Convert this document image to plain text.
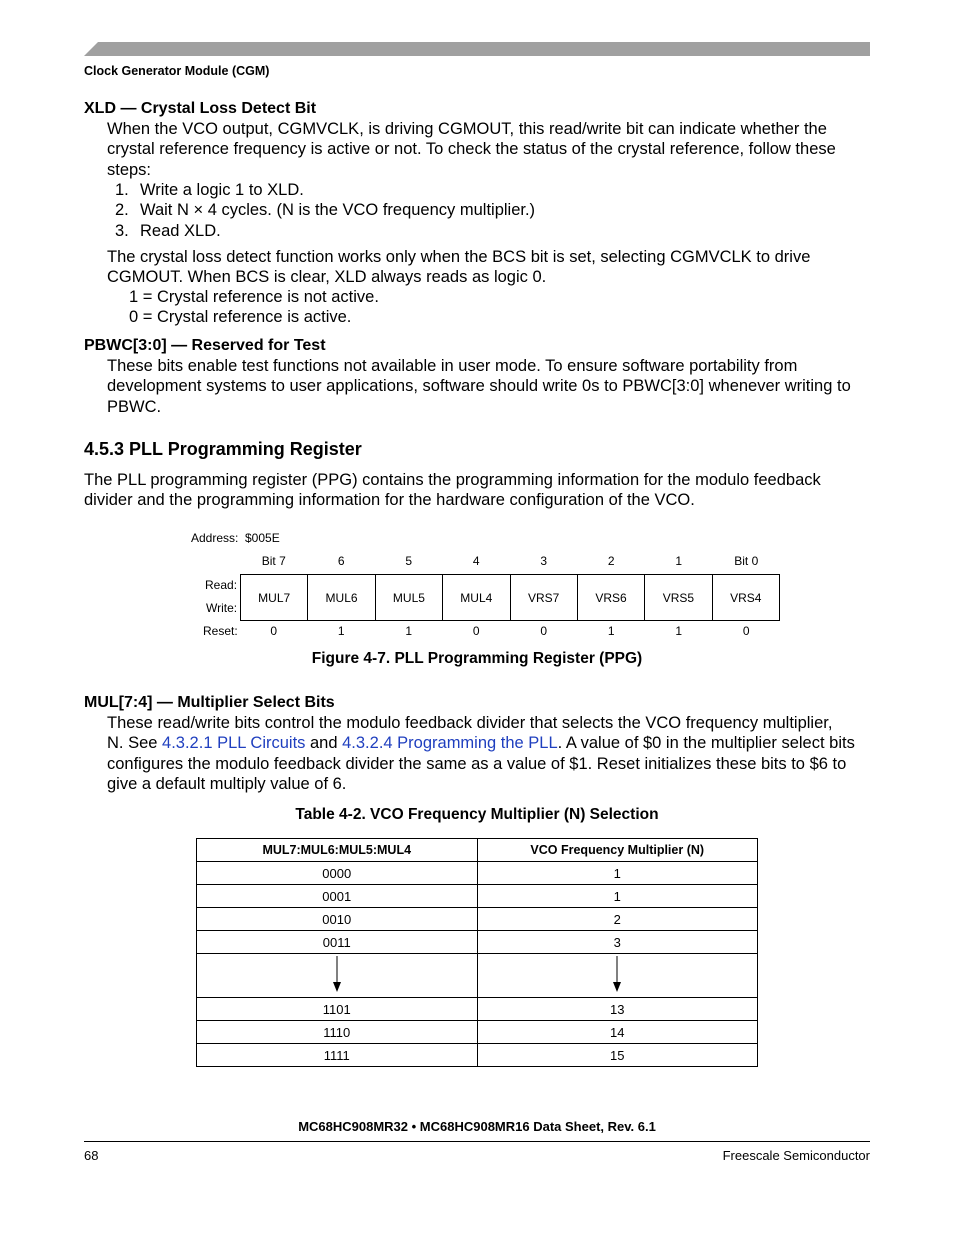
Clock Generator Module (CGM)
XLD — Crystal Loss Detect Bit
When the VCO output, CGMVCLK, is driving CGMOUT, this read/write bit can indicate whether the
crystal reference frequency is active or not. To check the status of the crystal reference, follow these
steps:
1. Write a logic 1 to XLD.
2. Wait N × 4 cycles. (N is the VCO frequency multiplier.)
3. Read XLD.
The crystal loss detect function works only when the BCS bit is set, selecting CGMVCLK to drive
CGMOUT. When BCS is clear, XLD always reads as logic 0.
1 = Crystal reference is not active.
0 = Crystal reference is active.
PBWC[3:0] — Reserved for Test
These bits enable test functions not available in user mode. To ensure software portability from
development systems to user applications, software should write 0s to PBWC[3:0] whenever writing to
PBWC.
4.5.3 PLL Programming Register
The PLL programming register (PPG) contains the programming information for the modulo feedback
divider and the programming information for the hardware configuration of the VCO.
Address: $005E
Bit 7	6	5	4	3	2	1	Bit 0
Read:
Write:
MUL7	MUL6	MUL5	MUL4	VRS7	VRS6	VRS5	VRS4
Reset:	0	1	1	0	0	1	1	0
Figure 4-7. PLL Programming Register (PPG)
MUL[7:4] — Multiplier Select Bits
These read/write bits control the modulo feedback divider that selects the VCO frequency multiplier,
N. See 4.3.2.1 PLL Circuits and 4.3.2.4 Programming the PLL. A value of $0 in the multiplier select bits
configures the modulo feedback divider the same as a value of $1. Reset initializes these bits to $6 to
give a default multiply value of 6.
Table 4-2. VCO Frequency Multiplier (N) Selection
MUL7:MUL6:MUL5:MUL4	VCO Frequency Multiplier (N)
0000	1
0001	1
0010	2
0011	3

1101	13
1110	14
1111	15
MC68HC908MR32 • MC68HC908MR16 Data Sheet, Rev. 6.1
68	Freescale Semiconductor
